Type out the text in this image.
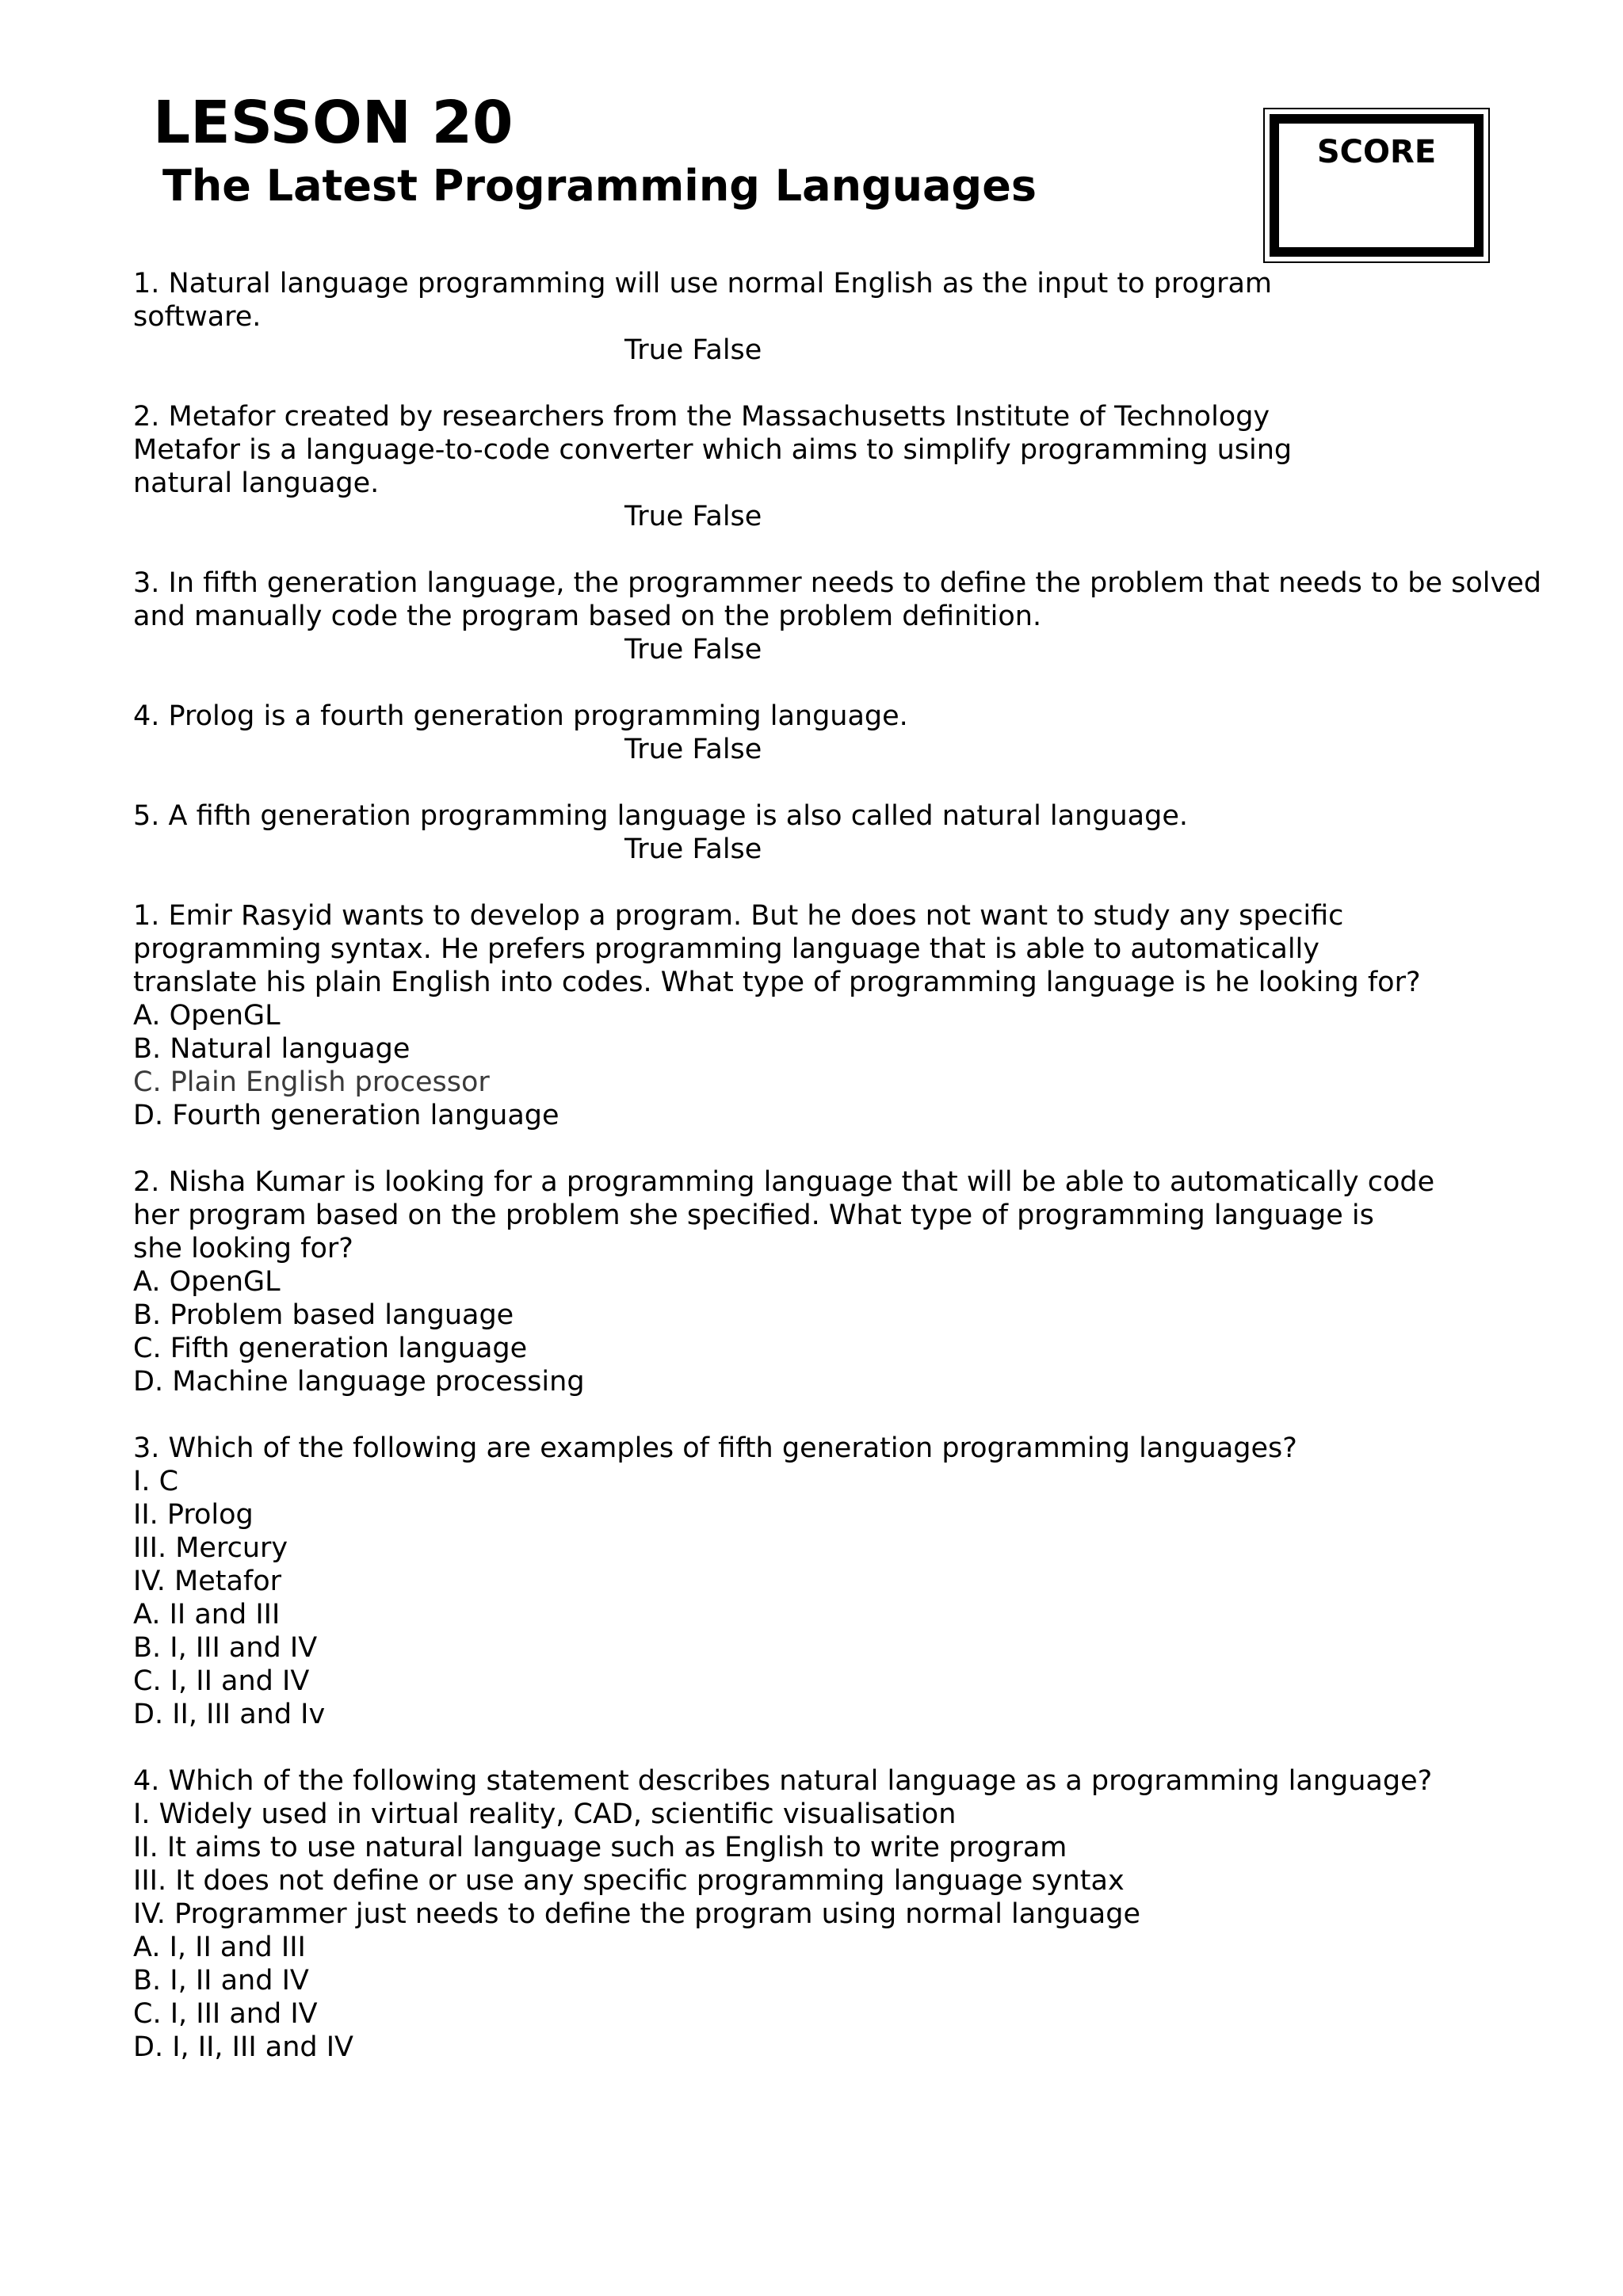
LESSON 20
The Latest Programming Languages
SCORE
1. Natural language programming will use normal English as the input to program
software.
True False
2. Metafor created by researchers from the Massachusetts Institute of Technology
Metafor is a language-to-code converter which aims to simplify programming using
natural language.
True False
3. In fifth generation language, the programmer needs to define the problem that needs to be solved
and manually code the program based on the problem definition.
True False
4. Prolog is a fourth generation programming language.
True False
5. A fifth generation programming language is also called natural language.
True False
1. Emir Rasyid wants to develop a program. But he does not want to study any specific
programming syntax. He prefers programming language that is able to automatically
translate his plain English into codes. What type of programming language is he looking for?
A. OpenGL
B. Natural language
C. Plain English processor
D. Fourth generation language
2. Nisha Kumar is looking for a programming language that will be able to automatically code
her program based on the problem she specified. What type of programming language is
she looking for?
A. OpenGL
B. Problem based language
C. Fifth generation language
D. Machine language processing
3. Which of the following are examples of fifth generation programming languages?
I. C
II. Prolog
III. Mercury
IV. Metafor
A. II and III
B. I, III and IV
C. I, II and IV
D. II, III and Iv
4. Which of the following statement describes natural language as a programming language?
I. Widely used in virtual reality, CAD, scientific visualisation
II. It aims to use natural language such as English to write program
III. It does not define or use any specific programming language syntax
IV. Programmer just needs to define the program using normal language
A. I, II and III
B. I, II and IV
C. I, III and IV
D. I, II, III and IV
